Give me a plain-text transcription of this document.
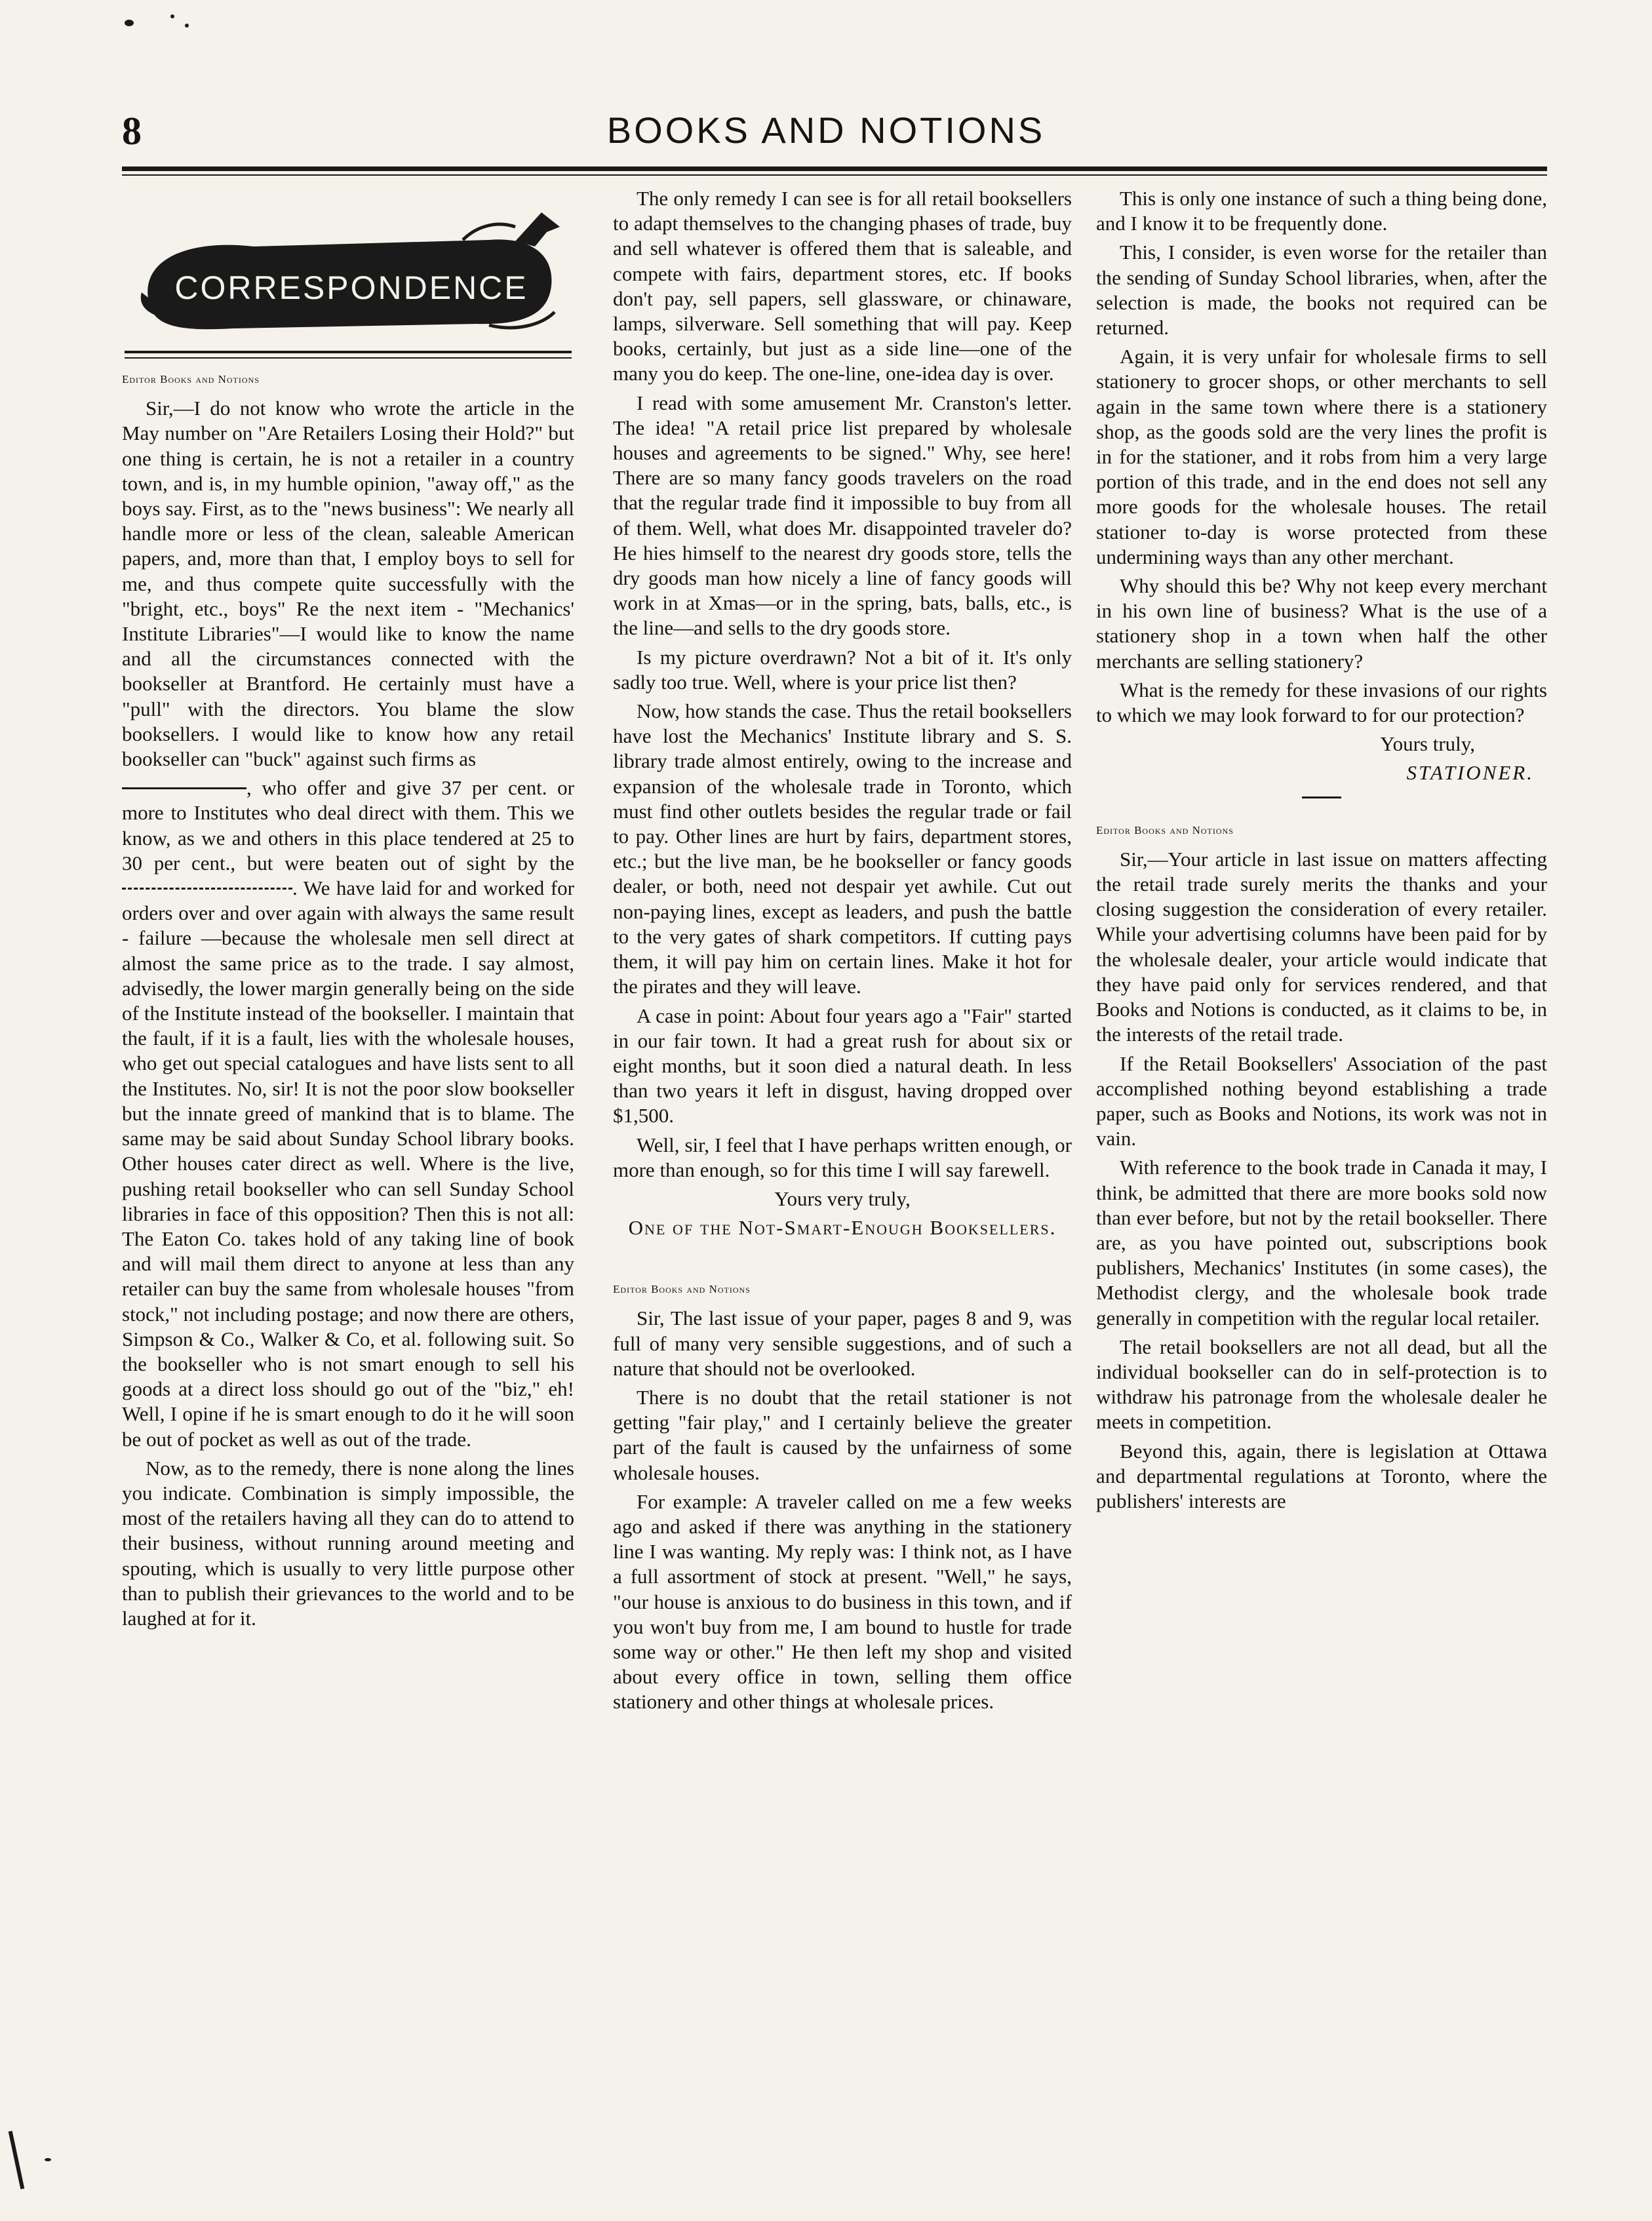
8	BOOKS AND NOTIONS
CORRESPONDENCE

Editor Books and Notions

Sir,—I do not know who wrote the article in the May number on "Are Retailers Losing their Hold?" but one thing is certain, he is not a retailer in a country town, and is, in my humble opinion, "away off," as the boys say. First, as to the "news business": We nearly all handle more or less of the clean, saleable American papers, and, more than that, I employ boys to sell for me, and thus compete quite successfully with the "bright, etc., boys" Re the next item - "Mechanics' Institute Libraries"—I would like to know the name and all the circumstances connected with the bookseller at Brantford. He certainly must have a "pull" with the directors. You blame the slow booksellers. I would like to know how any retail bookseller can "buck" against such firms as

, who offer and give 37 per cent. or more to Institutes who deal direct with them. This we know, as we and others in this place tendered at 25 to 30 per cent., but were beaten out of sight by the . We have laid for and worked for orders over and over again with always the same result - failure —because the wholesale men sell direct at almost the same price as to the trade. I say almost, advisedly, the lower margin generally being on the side of the Institute instead of the bookseller. I maintain that the fault, if it is a fault, lies with the wholesale houses, who get out special catalogues and have lists sent to all the Institutes. No, sir! It is not the poor slow bookseller but the innate greed of mankind that is to blame. The same may be said about Sunday School library books. Other houses cater direct as well. Where is the live, pushing retail bookseller who can sell Sunday School libraries in face of this opposition? Then this is not all: The Eaton Co. takes hold of any taking line of book and will mail them direct to anyone at less than any retailer can buy the same from wholesale houses "from stock," not including postage; and now there are others, Simpson & Co., Walker & Co, et al. following suit. So the bookseller who is not smart enough to sell his goods at a direct loss should go out of the "biz," eh! Well, I opine if he is smart enough to do it he will soon be out of pocket as well as out of the trade.

Now, as to the remedy, there is none along the lines you indicate. Combination is simply impossible, the most of the retailers having all they can do to attend to their business, without running around meeting and spouting, which is usually to very little purpose other than to publish their grievances to the world and to be laughed at for it.

The only remedy I can see is for all retail booksellers to adapt themselves to the changing phases of trade, buy and sell whatever is offered them that is saleable, and compete with fairs, department stores, etc. If books don't pay, sell papers, sell glassware, or chinaware, lamps, silverware. Sell something that will pay. Keep books, certainly, but just as a side line—one of the many you do keep. The one-line, one-idea day is over.

I read with some amusement Mr. Cranston's letter. The idea! "A retail price list prepared by wholesale houses and agreements to be signed." Why, see here! There are so many fancy goods travelers on the road that the regular trade find it impossible to buy from all of them. Well, what does Mr. disappointed traveler do? He hies himself to the nearest dry goods store, tells the dry goods man how nicely a line of fancy goods will work in at Xmas—or in the spring, bats, balls, etc., is the line—and sells to the dry goods store.

Is my picture overdrawn? Not a bit of it. It's only sadly too true. Well, where is your price list then?

Now, how stands the case. Thus the retail booksellers have lost the Mechanics' Institute library and S. S. library trade almost entirely, owing to the increase and expansion of the wholesale trade in Toronto, which must find other outlets besides the regular trade or fail to pay. Other lines are hurt by fairs, department stores, etc.; but the live man, be he bookseller or fancy goods dealer, or both, need not despair yet awhile. Cut out non-paying lines, except as leaders, and push the battle to the very gates of shark competitors. If cutting pays them, it will pay him on certain lines. Make it hot for the pirates and they will leave.

A case in point: About four years ago a "Fair" started in our fair town. It had a great rush for about six or eight months, but it soon died a natural death. In less than two years it left in disgust, having dropped over $1,500.

Well, sir, I feel that I have perhaps written enough, or more than enough, so for this time I will say farewell.

Yours very truly,

One of the Not-Smart-Enough Booksellers.

Editor Books and Notions

Sir, The last issue of your paper, pages 8 and 9, was full of many very sensible suggestions, and of such a nature that should not be overlooked.

There is no doubt that the retail stationer is not getting "fair play," and I certainly believe the greater part of the fault is caused by the unfairness of some wholesale houses.

For example: A traveler called on me a few weeks ago and asked if there was anything in the stationery line I was wanting. My reply was: I think not, as I have a full assortment of stock at present. "Well," he says, "our house is anxious to do business in this town, and if you won't buy from me, I am bound to hustle for trade some way or other." He then left my shop and visited about every office in town, selling them office stationery and other things at wholesale prices.

This is only one instance of such a thing being done, and I know it to be frequently done.

This, I consider, is even worse for the retailer than the sending of Sunday School libraries, when, after the selection is made, the books not required can be returned.

Again, it is very unfair for wholesale firms to sell stationery to grocer shops, or other merchants to sell again in the same town where there is a stationery shop, as the goods sold are the very lines the profit is in for the stationer, and it robs from him a very large portion of this trade, and in the end does not sell any more goods for the wholesale houses. The retail stationer to-day is worse protected from these undermining ways than any other merchant.

Why should this be? Why not keep every merchant in his own line of business? What is the use of a stationery shop in a town when half the other merchants are selling stationery?

What is the remedy for these invasions of our rights to which we may look forward to for our protection?

Yours truly,

STATIONER.

Editor Books and Notions

Sir,—Your article in last issue on matters affecting the retail trade surely merits the thanks and your closing suggestion the consideration of every retailer. While your advertising columns have been paid for by the wholesale dealer, your article would indicate that they have paid only for services rendered, and that Books and Notions is conducted, as it claims to be, in the interests of the retail trade.

If the Retail Booksellers' Association of the past accomplished nothing beyond establishing a trade paper, such as Books and Notions, its work was not in vain.

With reference to the book trade in Canada it may, I think, be admitted that there are more books sold now than ever before, but not by the retail bookseller. There are, as you have pointed out, subscriptions book publishers, Mechanics' Institutes (in some cases), the Methodist clergy, and the wholesale book trade generally in competition with the regular local retailer.

The retail booksellers are not all dead, but all the individual bookseller can do in self-protection is to withdraw his patronage from the wholesale dealer he meets in competition.

Beyond this, again, there is legislation at Ottawa and departmental regulations at Toronto, where the publishers' interests are
